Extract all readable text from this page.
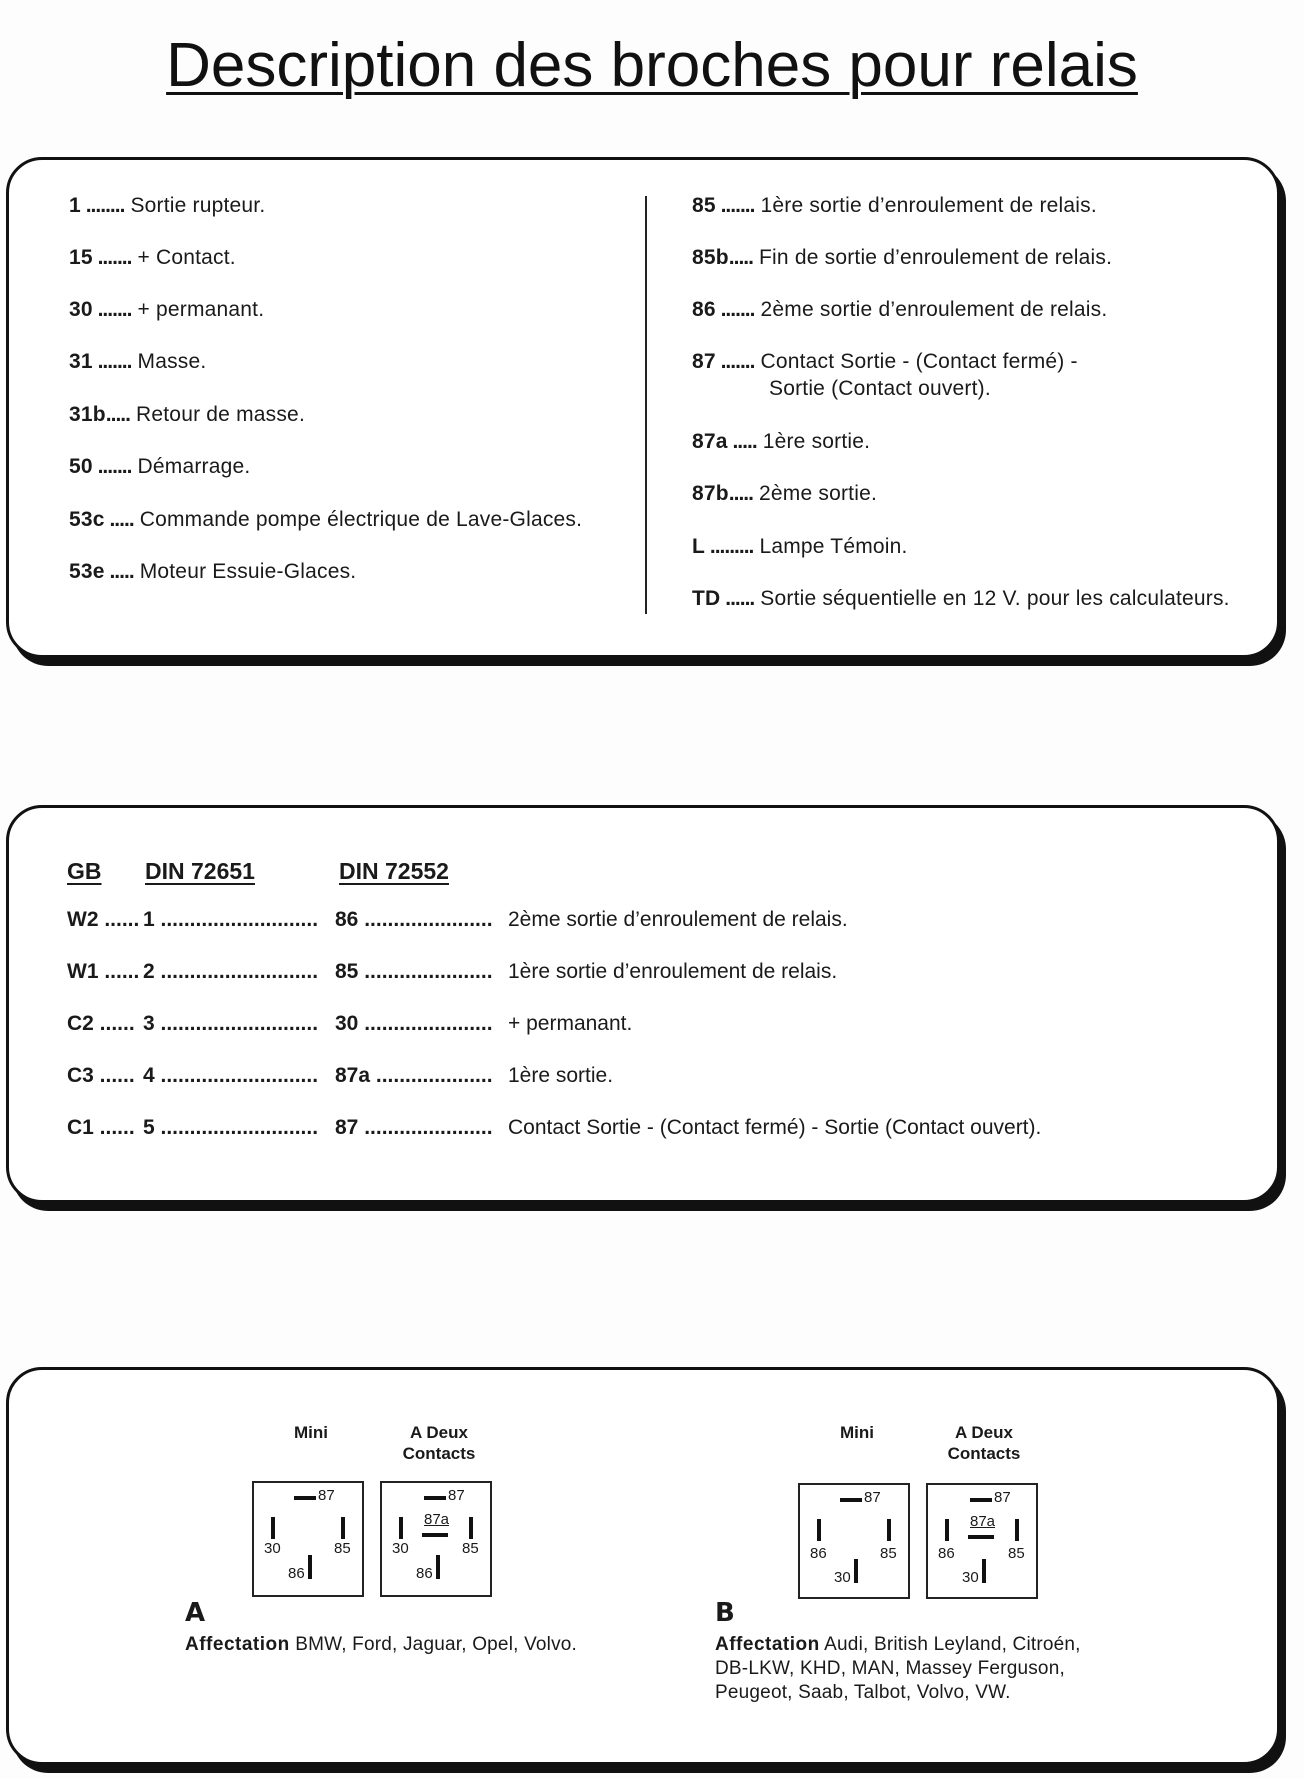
Description des broches pour relais
1 ........ Sortie rupteur.
15 ....... + Contact.
30 ....... + permanant.
31 ....... Masse.
31b..... Retour de masse.
50 ....... Démarrage.
53c ..... Commande pompe électrique de Lave-Glaces.
53e ..... Moteur Essuie-Glaces.
85 ....... 1ère sortie d’enroulement de relais.
85b..... Fin de sortie d’enroulement de relais.
86 ....... 2ème sortie d’enroulement de relais.
87 ....... Contact Sortie - (Contact fermé) -
Sortie (Contact ouvert).
87a ..... 1ère sortie.
87b..... 2ème sortie.
L ......... Lampe Témoin.
TD ...... Sortie séquentielle en 12 V. pour les calculateurs.
GB DIN 72651	DIN 72552
W2 ...... 1 ........................... 86 ...................... 2ème sortie d’enroulement de relais.
W1 ...... 2 ........................... 85 ...................... 1ère sortie d’enroulement de relais.
C2 ...... 3 ........................... 30 ...................... + permanant.
C3 ...... 4 ........................... 87a .................... 1ère sortie.
C1 ...... 5 ........................... 87 ...................... Contact Sortie - (Contact fermé) - Sortie (Contact ouvert).
Mini	A Deux
Contacts
87
30	85
86
87
87a
30	85
86
A
Affectation BMW, Ford, Jaguar, Opel, Volvo.
Mini	A Deux
Contacts
87
86	85
30
87
87a
86	85
30
B
Affectation Audi, British Leyland, Citroén,
DB-LKW, KHD, MAN, Massey Ferguson,
Peugeot, Saab, Talbot, Volvo, VW.
